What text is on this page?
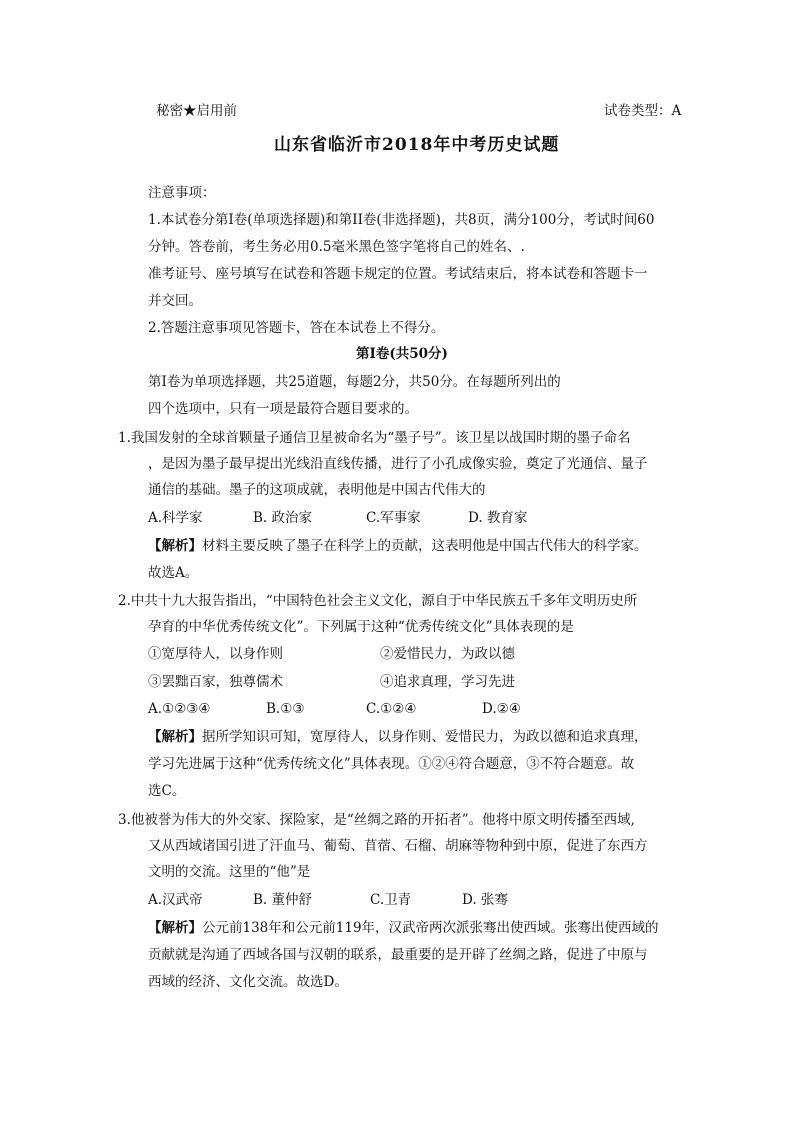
秘密★启用前	试卷类型：A
山东省临沂市2018年中考历史试题
注意事项：
1.本试卷分第I卷(单项选择题)和第II卷(非选择题)，共8页，满分100分，考试时间60
分钟。答卷前，考生务必用0.5毫米黑色签字笔将自己的姓名、.
准考证号、座号填写在试卷和答题卡规定的位置。考试结束后，将本试卷和答题卡一
并交回。
2.答题注意事项见答题卡，答在本试卷上不得分。
第I卷(共50分)
第I卷为单项选择题，共25道题，每题2分，共50分。在每题所列出的
四个选项中，只有一项是最符合题目要求的。
1.我国发射的全球首颗量子通信卫星被命名为“墨子号”。该卫星以战国时期的墨子命名
，是因为墨子最早提出光线沿直线传播，进行了小孔成像实验，奠定了光通信、量子
通信的基础。墨子的这项成就，表明他是中国古代伟大的
A.科学家	B. 政治家	C.军事家	D. 教育家
【解析】材料主要反映了墨子在科学上的贡献，这表明他是中国古代伟大的科学家。
故选A。
2.中共十九大报告指出，“中国特色社会主义文化，源自于中华民族五千多年文明历史所
孕育的中华优秀传统文化”。下列属于这种“优秀传统文化”具体表现的是
①宽厚待人，以身作则	②爱惜民力，为政以德
③罢黜百家，独尊儒术	④追求真理，学习先进
A.①②③④	B.①③	C.①②④	D.②④
【解析】据所学知识可知，宽厚待人，以身作则、爱惜民力，为政以德和追求真理，
学习先进属于这种“优秀传统文化”具体表现。①②④符合题意，③不符合题意。故
选C。
3.他被誉为伟大的外交家、探险家，是“丝绸之路的开拓者”。他将中原文明传播至西域,
又从西域诸国引进了汗血马、葡萄、苜蓿、石榴、胡麻等物种到中原，促进了东西方
文明的交流。这里的“他”是
A.汉武帝	B. 董仲舒	C.卫青	D. 张骞
【解析】公元前138年和公元前119年，汉武帝两次派张骞出使西域。张骞出使西域的
贡献就是沟通了西域各国与汉朝的联系，最重要的是开辟了丝绸之路，促进了中原与
西域的经济、文化交流。故选D。
